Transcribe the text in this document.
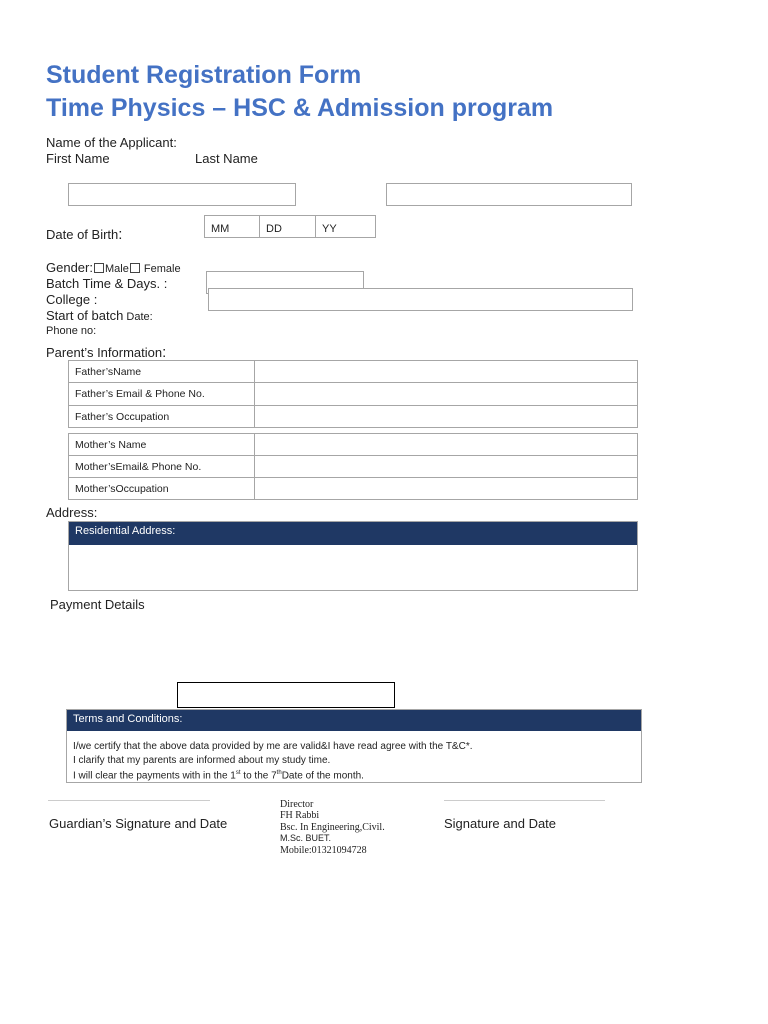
Student Registration Form
Time Physics – HSC & Admission program
Name of the Applicant:
First Name	Last Name
Date of Birth:	MM	DD	YY
Gender: Male Female
Batch Time & Days. :
College :
Start of batch Date:
Phone no:
Parent’s Information:
Father’sName	
Father’s Email & Phone No.	
Father’s Occupation	
Mother’s Name	
Mother’sEmail& Phone No.	
Mother’sOccupation	
Address:
Residential Address:
Payment Details
Terms and Conditions:
I/we certify that the above data provided by me are valid&I have read agree with the T&C*.
I clarify that my parents are informed about my study time.
I will clear the payments with in the 1st to the 7thDate of the month.
Guardian’s Signature and Date
Director
FH Rabbi
Bsc. In Engineering,Civil.
M.Sc. BUET.
Mobile:01321094728
Signature and Date
